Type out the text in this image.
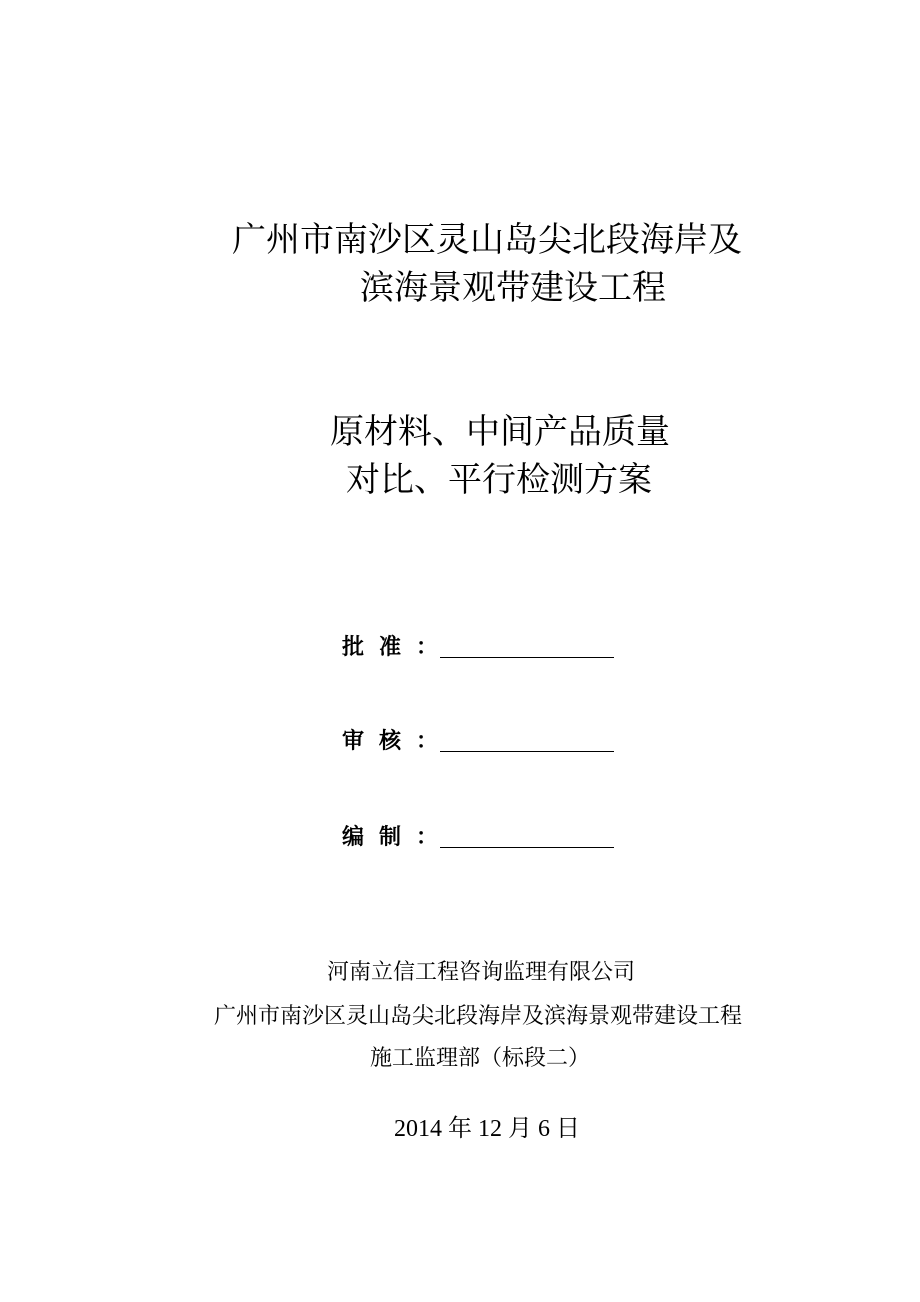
广州市南沙区灵山岛尖北段海岸及
滨海景观带建设工程
原材料、中间产品质量
对比、平行检测方案
批 准 ：
审 核 ：
编 制 ：
河南立信工程咨询监理有限公司
广州市南沙区灵山岛尖北段海岸及滨海景观带建设工程
施工监理部（标段二）
2014 年 12 月 6 日
